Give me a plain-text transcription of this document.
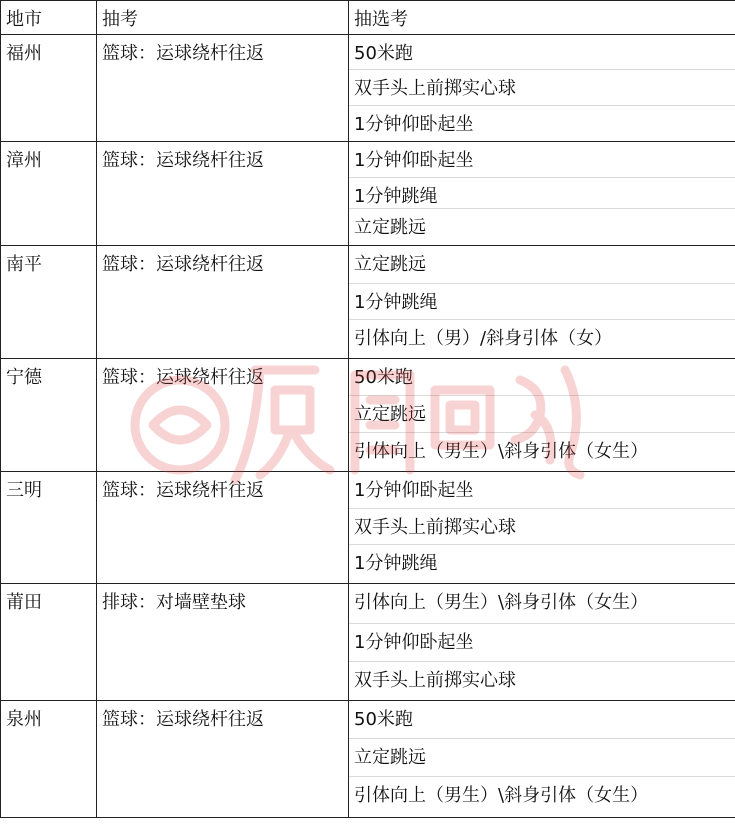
地市	抽考	抽选考
福州	篮球：运球绕杆往返	50米跑
双手头上前掷实心球
1分钟仰卧起坐

漳州	篮球：运球绕杆往返	1分钟仰卧起坐
1分钟跳绳
立定跳远

南平	篮球：运球绕杆往返	立定跳远
1分钟跳绳
引体向上（男）/斜身引体（女）

宁德	篮球：运球绕杆往返	50米跑
立定跳远
引体向上（男生）\斜身引体（女生）

三明	篮球：运球绕杆往返	1分钟仰卧起坐
双手头上前掷实心球
1分钟跳绳

莆田	排球：对墙壁垫球	引体向上（男生）\斜身引体（女生）
1分钟仰卧起坐
双手头上前掷实心球

泉州	篮球：运球绕杆往返	50米跑
立定跳远
引体向上（男生）\斜身引体（女生）
